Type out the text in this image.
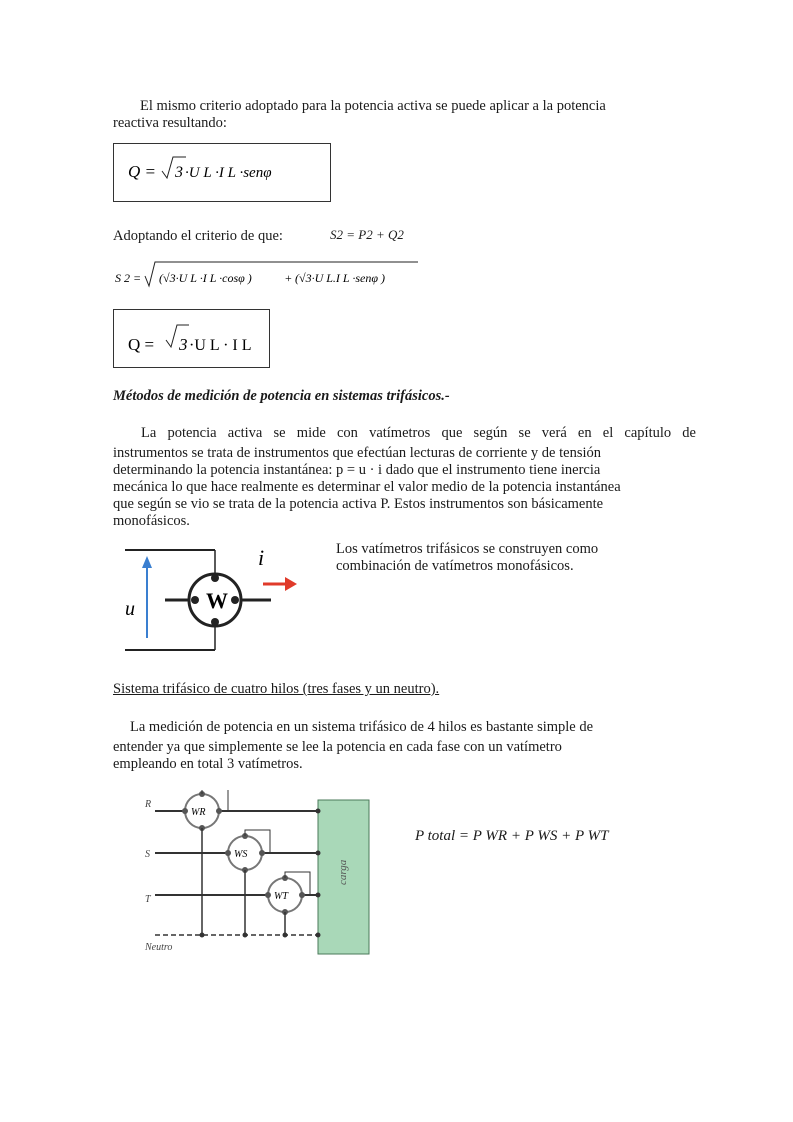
El mismo criterio adoptado para la potencia activa se puede aplicar a la potencia
reactiva resultando:
Q = 3 ·U L ·I L ·senφ
Adoptando el criterio de que:	S2 = P2 + Q2
S 2 = (√3·U L ·I L ·cosφ )	+ (√3·U L.I L ·senφ )
Q = 3 ·U L · I L
Métodos de medición de potencia en sistemas trifásicos.-
La potencia activa se mide con vatímetros que según se verá en el capítulo de
instrumentos se trata de instrumentos que efectúan lecturas de corriente y de tensión
determinando la potencia instantánea: p = u · i dado que el instrumento tiene inercia
mecánica lo que hace realmente es determinar el valor medio de la potencia instantánea
que según se vio se trata de la potencia activa P. Estos instrumentos son básicamente
monofásicos.
W
u
i	Los vatímetros trifásicos se construyen como
combinación de vatímetros monofásicos.
Sistema trifásico de cuatro hilos (tres fases y un neutro).
La medición de potencia en un sistema trifásico de 4 hilos es bastante simple de
entender ya que simplemente se lee la potencia en cada fase con un vatímetro
empleando en total 3 vatímetros.
carga
WR
WS
WT
R
S
T
Neutro
P total = P WR + P WS + P WT
